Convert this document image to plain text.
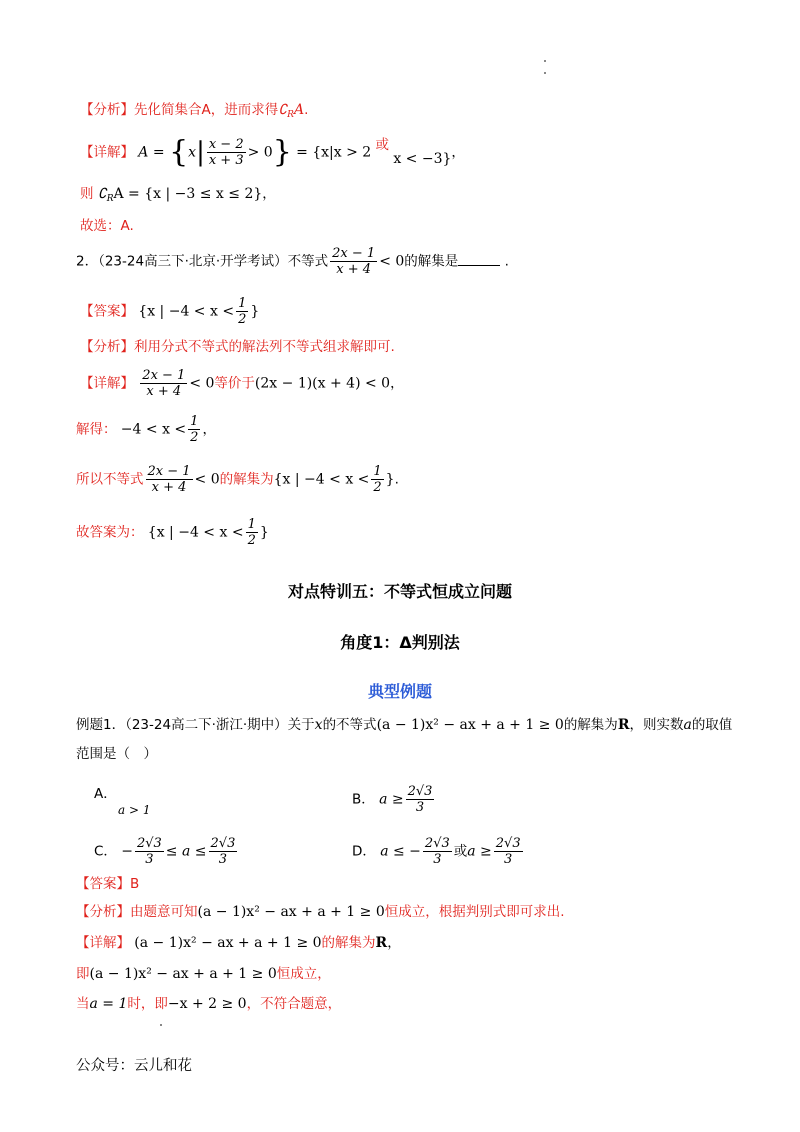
【分析】先化简集合A，进而求得$∁_RA$.
【详解】 $A = \{x| \frac{x - 2}{x + 3} > 0\} = \{x|x > 2$ 或 x < −3}，
则 $∁_RA = \{x$ | −3 ≤ x ≤ 2}，
故选：A.
2．（23-24高三下·北京·开学考试）不等式 $\frac{2x - 1}{x + 4} < 0$的解集是	.
【答案】 {x | $-4 < x < \frac{1}{2}$ }
【分析】利用分式不等式的解法列不等式组求解即可.
【详解】 $\frac{2x - 1}{x + 4} < 0$等价于(2x − 1)(x + 4) < 0，
解得： $-4 < x < \frac{1}{2}$ ，
所以不等式 $\frac{2x - 1}{x + 4} < 0$的解集为{x | $-4 < x < \frac{1}{2}$ }.
故答案为： {x | $-4 < x < \frac{1}{2}$ }
对点特训五：不等式恒成立问题
角度1：Δ判别法
典型例题
例题1．（23-24高二下·浙江·期中）关于x的不等式(a − 1)x² − ax + a + 1 ≥ 0的解集为R，则实数a的取值
范围是（　）
A．
a > 1
B． $a \ge \frac{2√3}{3}$
C． − $\frac{2√3}{3} \le a \le \frac{2√3}{3}$	D． a ≤ − $\frac{2√3}{3}$ 或$a \ge \frac{2√3}{3}$
【答案】B
【分析】由题意可知(a − 1)x² − ax + a + 1 ≥ 0恒成立，根据判别式即可求出.
【详解】 (a − 1)x² − ax + a + 1 ≥ 0的解集为R，
即(a − 1)x² − ax + a + 1 ≥ 0恒成立，
当a = 1时，即−x + 2 ≥ 0，不符合题意，
公众号：云儿和花
